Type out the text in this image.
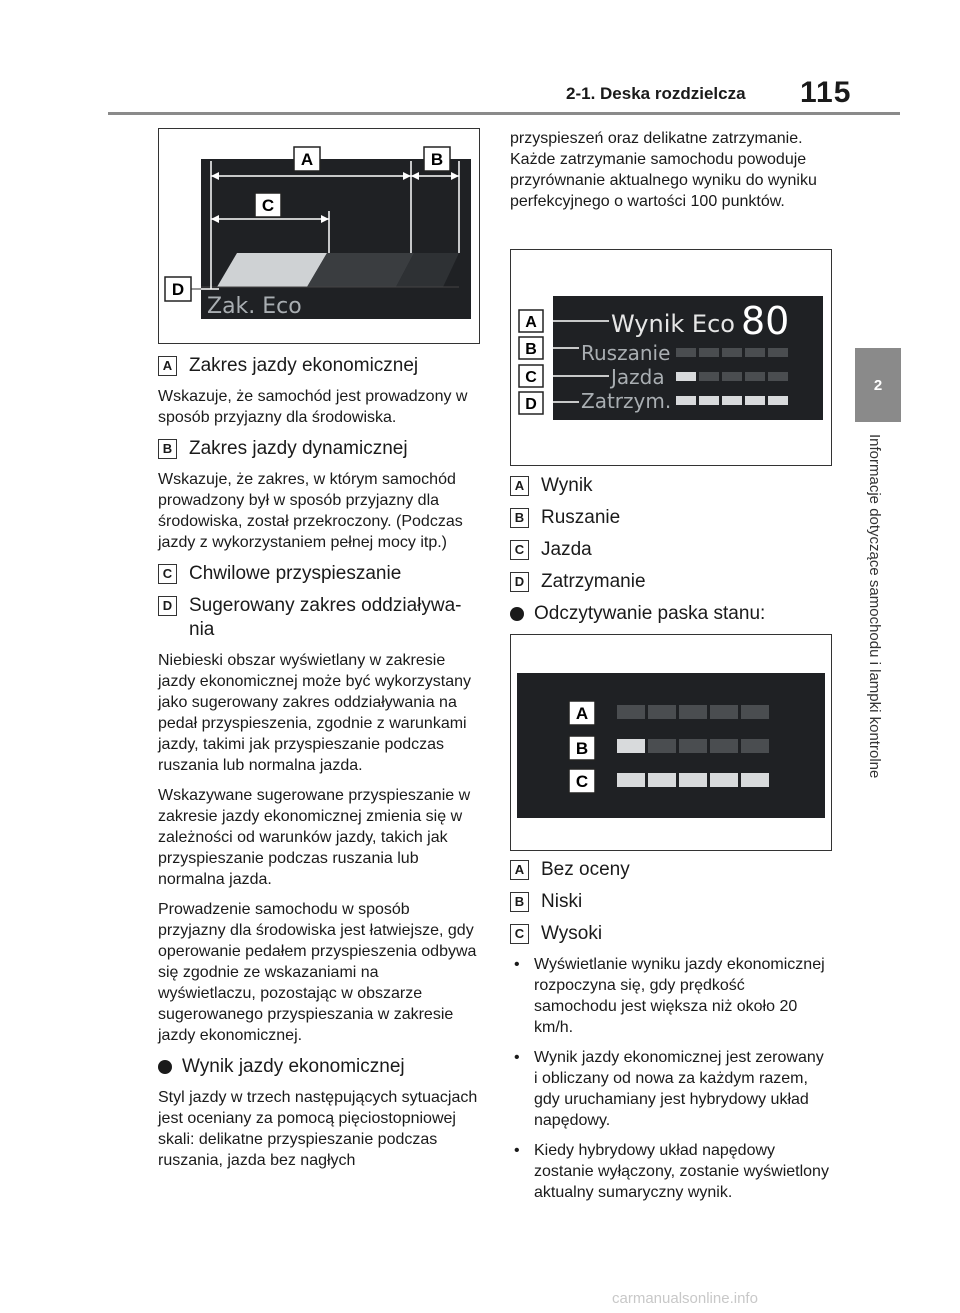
2-1. Deska rozdzielcza 115
2
Informacje dotyczące samochodu i lampki kontrolne
Zak. Eco
A	B
C
D
A Zakres jazdy ekonomicznej

Wskazuje, że samochód jest prowadzony w sposób przyjazny dla środowiska.

B Zakres jazdy dynamicznej

Wskazuje, że zakres, w którym samochód prowadzony był w sposób przyjazny dla środowiska, został przekroczony. (Podczas jazdy z wykorzystaniem pełnej mocy itp.)

C Chwilowe przyspieszanie
D Sugerowany zakres oddziaływania

Niebieski obszar wyświetlany w zakresie jazdy ekonomicznej może być wykorzystany jako sugerowany zakres oddziaływania na pedał przyspieszenia, zgodnie z warunkami jazdy, takimi jak przyspieszanie podczas ruszania lub normalna jazda.

Wskazywane sugerowane przyspieszanie w zakresie jazdy ekonomicznej zmienia się w zależności od warunków jazdy, takich jak przyspieszanie podczas ruszania lub normalna jazda.

Prowadzenie samochodu w sposób przyjazny dla środowiska jest łatwiejsze, gdy operowanie pedałem przyspieszenia odbywa się zgodnie ze wskazaniami na wyświetlaczu, pozostając w obszarze sugerowanego przyspieszania w zakresie jazdy ekonomicznej.

Wynik jazdy ekonomicznej

Styl jazdy w trzech następujących sytuacjach jest oceniany za pomocą pięciostopniowej skali: delikatne przyspieszanie podczas ruszania, jazda bez nagłych

przyspieszeń oraz delikatne zatrzymanie. Każde zatrzymanie samochodu powoduje przyrównanie aktualnego wyniku do wyniku perfekcyjnego o wartości 100 punktów.

Wynik Eco 80
Ruszanie
Jazda
Zatrzym.
A
B
C
D
A Wynik
B Ruszanie
C Jazda
D Zatrzymanie
Odczytywanie paska stanu:
A
B
C
A Bez oceny
B Niski
C Wysoki
• Wyświetlanie wyniku jazdy ekonomicznej rozpoczyna się, gdy prędkość samochodu jest większa niż około 20 km/h.
• Wynik jazdy ekonomicznej jest zerowany i obliczany od nowa za każdym razem, gdy uruchamiany jest hybrydowy układ napędowy.
• Kiedy hybrydowy układ napędowy zostanie wyłączony, zostanie wyświetlony aktualny sumaryczny wynik.
carmanualsonline.info
